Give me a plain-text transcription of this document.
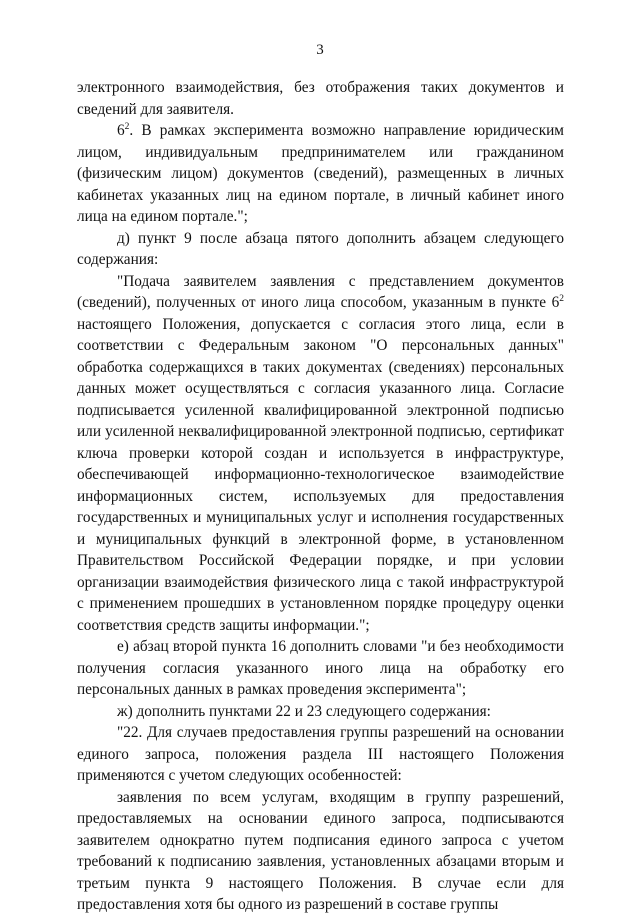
3

электронного взаимодействия, без отображения таких документов и сведений для заявителя.

$6^2$. В рамках эксперимента возможно направление юридическим лицом, индивидуальным предпринимателем или гражданином (физическим лицом) документов (сведений), размещенных в личных кабинетах указанных лиц на едином портале, в личный кабинет иного лица на едином портале.";

д) пункт 9 после абзаца пятого дополнить абзацем следующего содержания:

"Подача заявителем заявления с представлением документов (сведений), полученных от иного лица способом, указанным в пункте $6^2$ настоящего Положения, допускается с согласия этого лица, если в соответствии с Федеральным законом "О персональных данных" обработка содержащихся в таких документах (сведениях) персональных данных может осуществляться с согласия указанного лица. Согласие подписывается усиленной квалифицированной электронной подписью или усиленной неквалифицированной электронной подписью, сертификат ключа проверки которой создан и используется в инфраструктуре, обеспечивающей информационно-технологическое взаимодействие информационных систем, используемых для предоставления государственных и муниципальных услуг и исполнения государственных и муниципальных функций в электронной форме, в установленном Правительством Российской Федерации порядке, и при условии организации взаимодействия физического лица с такой инфраструктурой с применением прошедших в установленном порядке процедуру оценки соответствия средств защиты информации.";

е) абзац второй пункта 16 дополнить словами "и без необходимости получения согласия указанного иного лица на обработку его персональных данных в рамках проведения эксперимента";

ж) дополнить пунктами 22 и 23 следующего содержания:

"22. Для случаев предоставления группы разрешений на основании единого запроса, положения раздела III настоящего Положения применяются с учетом следующих особенностей:

заявления по всем услугам, входящим в группу разрешений, предоставляемых на основании единого запроса, подписываются заявителем однократно путем подписания единого запроса с учетом требований к подписанию заявления, установленных абзацами вторым и третьим пункта 9 настоящего Положения. В случае если для предоставления хотя бы одного из разрешений в составе группы
